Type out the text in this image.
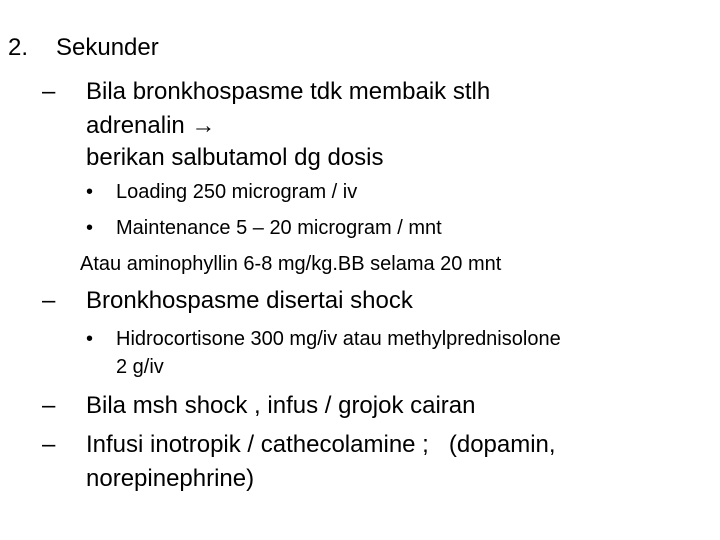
2. Sekunder
– Bila bronkhospasme tdk membaik stlh
adrenalin →
berikan salbutamol dg dosis
• Loading 250 microgram / iv
• Maintenance 5 – 20 microgram / mnt
Atau aminophyllin 6-8 mg/kg.BB selama 20 mnt
– Bronkhospasme disertai shock
• Hidrocortisone 300 mg/iv atau methylprednisolone
2 g/iv
– Bila msh shock , infus / grojok cairan
– Infusi inotropik / cathecolamine ;   (dopamin,
norepinephrine)
